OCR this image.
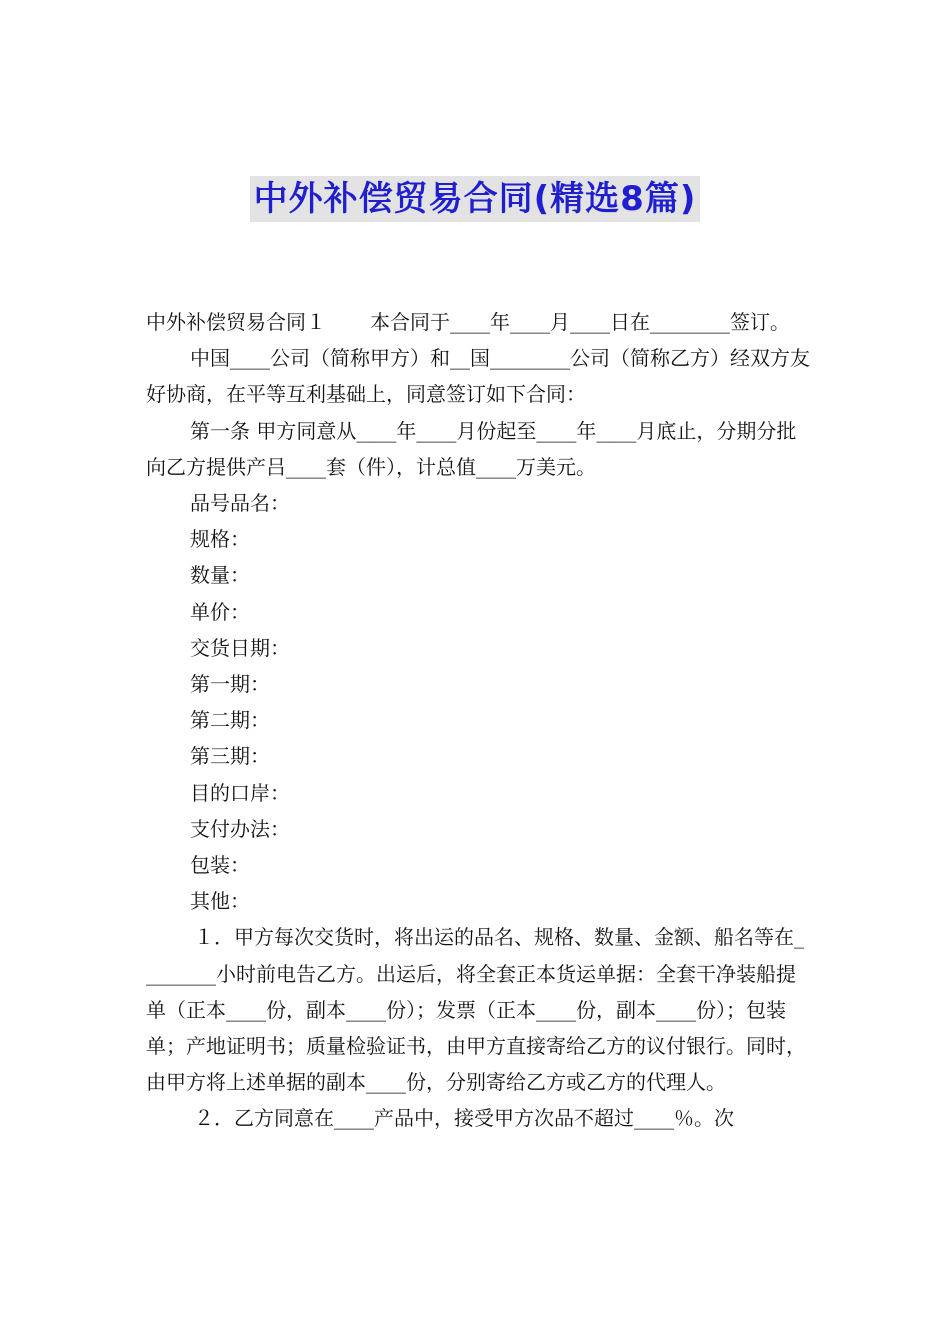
中外补偿贸易合同(精选8篇)

中外补偿贸易合同１ 本合同于____年____月____日在________签订。

中国____公司（简称甲方）和__国________公司（简称乙方）经双方友好协商，在平等互利基础上，同意签订如下合同：

第一条 甲方同意从____年____月份起至____年____月底止，分期分批向乙方提供产吕____套（件），计总值____万美元。

品号品名：

规格：

数量：

单价：

交货日期：

第一期：

第二期：

第三期：

目的口岸：

支付办法：

包装：

其他：

１．甲方每次交货时，将出运的品名、规格、数量、金额、船名等在________小时前电告乙方。出运后，将全套正本货运单据：全套干净装船提单（正本____份，副本____份）；发票（正本____份，副本____份）；包装单；产地证明书；质量检验证书，由甲方直接寄给乙方的议付银行。同时，由甲方将上述单据的副本____份，分别寄给乙方或乙方的代理人。

２．乙方同意在____产品中，接受甲方次品不超过____％。次
